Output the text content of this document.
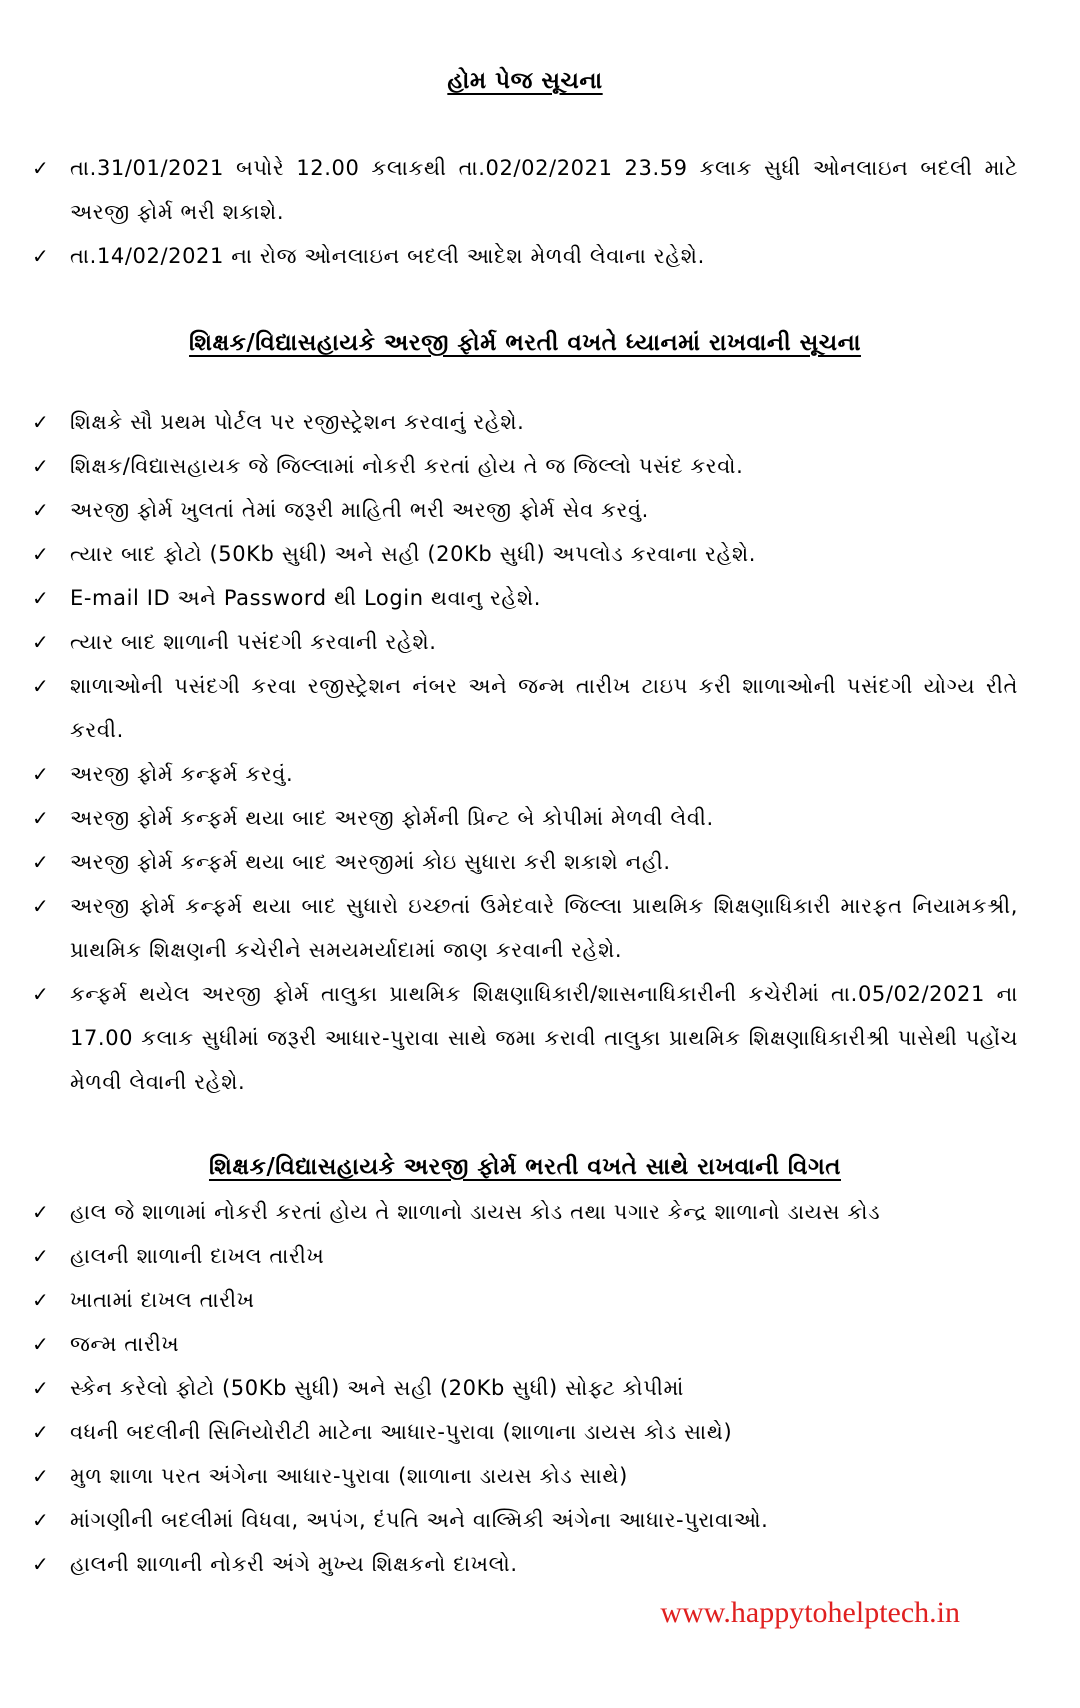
હોમ પેજ સૂચના
✓ તા.31/01/2021 બપોરે 12.00 કલાકથી તા.02/02/2021 23.59 કલાક સુધી ઓનલાઇન બદલી માટે અરજી ફોર્મ ભરી શકાશે.
✓ તા.14/02/2021 ના રોજ ઓનલાઇન બદલી આદેશ મેળવી લેવાના રહેશે.
શિક્ષક/વિદ્યાસહાયકે અરજી ફોર્મ ભરતી વખતે ધ્યાનમાં રાખવાની સૂચના
✓ શિક્ષકે સૌ પ્રથમ પોર્ટલ પર રજીસ્ટ્રેશન કરવાનું રહેશે.
✓ શિક્ષક/વિદ્યાસહાયક જે જિલ્લામાં નોકરી કરતાં હોય તે જ જિલ્લો પસંદ કરવો.
✓ અરજી ફોર્મ ખુલતાં તેમાં જરૂરી માહિતી ભરી અરજી ફોર્મ સેવ કરવું.
✓ ત્યાર બાદ ફોટો (50Kb સુધી) અને સહી (20Kb સુધી) અપલોડ કરવાના રહેશે.
✓ E-mail ID અને Password થી Login થવાનુ રહેશે.
✓ ત્યાર બાદ શાળાની પસંદગી કરવાની રહેશે.
✓ શાળાઓની પસંદગી કરવા રજીસ્ટ્રેશન નંબર અને જન્મ તારીખ ટાઇપ કરી શાળાઓની પસંદગી યોગ્ય રીતે કરવી.
✓ અરજી ફોર્મ કન્ફર્મ કરવું.
✓ અરજી ફોર્મ કન્ફર્મ થયા બાદ અરજી ફોર્મની પ્રિન્ટ બે કોપીમાં મેળવી લેવી.
✓ અરજી ફોર્મ કન્ફર્મ થયા બાદ અરજીમાં કોઇ સુધારા કરી શકાશે નહી.
✓ અરજી ફોર્મ કન્ફર્મ થયા બાદ સુધારો ઇચ્છતાં ઉમેદવારે જિલ્લા પ્રાથમિક શિક્ષણાધિકારી મારફત નિયામકશ્રી, પ્રાથમિક શિક્ષણની કચેરીને સમયમર્યાદામાં જાણ કરવાની રહેશે.
✓ કન્ફર્મ થયેલ અરજી ફોર્મ તાલુકા પ્રાથમિક શિક્ષણાધિકારી/શાસનાધિકારીની કચેરીમાં તા.05/02/2021 ના 17.00 કલાક સુધીમાં જરૂરી આધાર-પુરાવા સાથે જમા કરાવી તાલુકા પ્રાથમિક શિક્ષણાધિકારીશ્રી પાસેથી પહોંચ મેળવી લેવાની રહેશે.
શિક્ષક/વિદ્યાસહાયકે અરજી ફોર્મ ભરતી વખતે સાથે રાખવાની વિગત
✓ હાલ જે શાળામાં નોકરી કરતાં હોય તે શાળાનો ડાયસ કોડ તથા પગાર કેન્દ્ર શાળાનો ડાયસ કોડ
✓ હાલની શાળાની દાખલ તારીખ
✓ ખાતામાં દાખલ તારીખ
✓ જન્મ તારીખ
✓ સ્કેન કરેલો ફોટો (50Kb સુધી) અને સહી (20Kb સુધી) સોફ્ટ કોપીમાં
✓ વધની બદલીની સિનિયોરીટી માટેના આધાર-પુરાવા (શાળાના ડાયસ કોડ સાથે)
✓ મુળ શાળા પરત અંગેના આધાર-પુરાવા (શાળાના ડાયસ કોડ સાથે)
✓ માંગણીની બદલીમાં વિધવા, અપંગ, દંપતિ અને વાલ્મિકી અંગેના આધાર-પુરાવાઓ.
✓ હાલની શાળાની નોકરી અંગે મુખ્ય શિક્ષકનો દાખલો.

www.happytohelptech.in
